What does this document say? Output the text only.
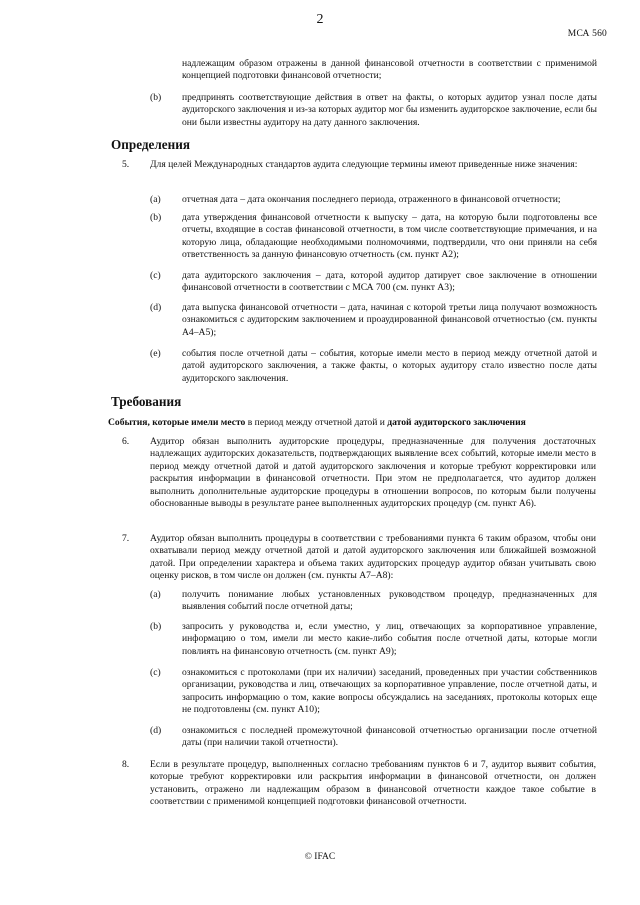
2
МСА 560

надлежащим образом отражены в данной финансовой отчетности в соответствии с применимой концепцией подготовки финансовой отчетности;

(b) предпринять соответствующие действия в ответ на факты, о которых аудитор узнал после даты аудиторского заключения и из-за которых аудитор мог бы изменить аудиторское заключение, если бы они были известны аудитору на дату данного заключения.

Определения
5. Для целей Международных стандартов аудита следующие термины имеют приведенные ниже значения:

(a) отчетная дата – дата окончания последнего периода, отраженного в финансовой отчетности;

(b) дата утверждения финансовой отчетности к выпуску – дата, на которую были подготовлены все отчеты, входящие в состав финансовой отчетности, в том числе соответствующие примечания, и на которую лица, обладающие необходимыми полномочиями, подтвердили, что они приняли на себя ответственность за данную финансовую отчетность (см. пункт А2);

(c) дата аудиторского заключения – дата, которой аудитор датирует свое заключение в отношении финансовой отчетности в соответствии с МСА 700 (см. пункт А3);

(d) дата выпуска финансовой отчетности – дата, начиная с которой третьи лица получают возможность ознакомиться с аудиторским заключением и проаудированной финансовой отчетностью (см. пункты А4–А5);

(e) события после отчетной даты – события, которые имели место в период между отчетной датой и датой аудиторского заключения, а также факты, о которых аудитору стало известно после даты аудиторского заключения.

Требования

События, которые имели место в период между отчетной датой и датой аудиторского заключения

6. Аудитор обязан выполнить аудиторские процедуры, предназначенные для получения достаточных надлежащих аудиторских доказательств, подтверждающих выявление всех событий, которые имели место в период между отчетной датой и датой аудиторского заключения и которые требуют корректировки или раскрытия информации в финансовой отчетности. При этом не предполагается, что аудитор должен выполнить дополнительные аудиторские процедуры в отношении вопросов, по которым были получены обоснованные выводы в результате ранее выполненных аудиторских процедур (см. пункт А6).

7. Аудитор обязан выполнить процедуры в соответствии с требованиями пункта 6 таким образом, чтобы они охватывали период между отчетной датой и датой аудиторского заключения или ближайшей возможной датой. При определении характера и объема таких аудиторских процедур аудитор обязан учитывать свою оценку рисков, в том числе он должен (см. пункты А7–А8):

(a) получить понимание любых установленных руководством процедур, предназначенных для выявления событий после отчетной даты;

(b) запросить у руководства и, если уместно, у лиц, отвечающих за корпоративное управление, информацию о том, имели ли место какие-либо события после отчетной даты, которые могли повлиять на финансовую отчетность (см. пункт А9);

(c) ознакомиться с протоколами (при их наличии) заседаний, проведенных при участии собственников организации, руководства и лиц, отвечающих за корпоративное управление, после отчетной даты, и запросить информацию о том, какие вопросы обсуждались на заседаниях, протоколы которых еще не подготовлены (см. пункт А10);

(d) ознакомиться с последней промежуточной финансовой отчетностью организации после отчетной даты (при наличии такой отчетности).

8. Если в результате процедур, выполненных согласно требованиям пунктов 6 и 7, аудитор выявит события, которые требуют корректировки или раскрытия информации в финансовой отчетности, он должен установить, отражено ли надлежащим образом в финансовой отчетности каждое такое событие в соответствии с применимой концепцией подготовки финансовой отчетности.

© IFAC
